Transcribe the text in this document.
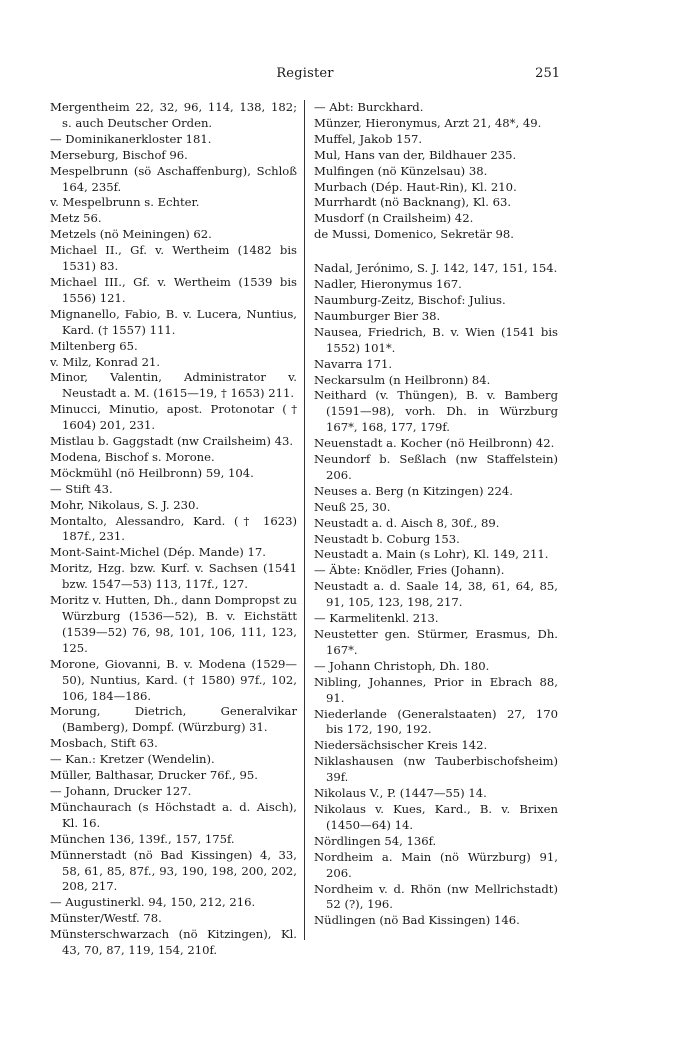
Register	251

Mergentheim 22, 32, 96, 114, 138, 182; s. auch Deutscher Orden.

— Dominikanerkloster 181.

Merseburg, Bischof 96.

Mespelbrunn (sö Aschaffenburg), Schloß 164, 235f.

v. Mespelbrunn s. Echter.

Metz 56.

Metzels (nö Meiningen) 62.

Michael II., Gf. v. Wertheim (1482 bis 1531) 83.

Michael III., Gf. v. Wertheim (1539 bis 1556) 121.

Mignanello, Fabio, B. v. Lucera, Nuntius, Kard. († 1557) 111.

Miltenberg 65.

v. Milz, Konrad 21.

Minor, Valentin, Administrator v. Neustadt a. M. (1615—19, † 1653) 211.

Minucci, Minutio, apost. Protonotar († 1604) 201, 231.

Mistlau b. Gaggstadt (nw Crailsheim) 43.

Modena, Bischof s. Morone.

Möckmühl (nö Heilbronn) 59, 104.

— Stift 43.

Mohr, Nikolaus, S. J. 230.

Montalto, Alessandro, Kard. († 1623) 187f., 231.

Mont-Saint-Michel (Dép. Mande) 17.

Moritz, Hzg. bzw. Kurf. v. Sachsen (1541 bzw. 1547—53) 113, 117f., 127.

Moritz v. Hutten, Dh., dann Dompropst zu Würzburg (1536—52), B. v. Eichstätt (1539—52) 76, 98, 101, 106, 111, 123, 125.

Morone, Giovanni, B. v. Modena (1529—50), Nuntius, Kard. († 1580) 97f., 102, 106, 184—186.

Morung, Dietrich, Generalvikar (Bamberg), Dompf. (Würzburg) 31.

Mosbach, Stift 63.

— Kan.: Kretzer (Wendelin).

Müller, Balthasar, Drucker 76f., 95.

— Johann, Drucker 127.

Münchaurach (s Höchstadt a. d. Aisch), Kl. 16.

München 136, 139f., 157, 175f.

Münnerstadt (nö Bad Kissingen) 4, 33, 58, 61, 85, 87f., 93, 190, 198, 200, 202, 208, 217.

— Augustinerkl. 94, 150, 212, 216.

Münster/Westf. 78.

Münsterschwarzach (nö Kitzingen), Kl. 43, 70, 87, 119, 154, 210f.

— Abt: Burckhard.

Münzer, Hieronymus, Arzt 21, 48*, 49.

Muffel, Jakob 157.

Mul, Hans van der, Bildhauer 235.

Mulfingen (nö Künzelsau) 38.

Murbach (Dép. Haut-Rin), Kl. 210.

Murrhardt (nö Backnang), Kl. 63.

Musdorf (n Crailsheim) 42.

de Mussi, Domenico, Sekretär 98.

Nadal, Jerónimo, S. J. 142, 147, 151, 154.

Nadler, Hieronymus 167.

Naumburg-Zeitz, Bischof: Julius.

Naumburger Bier 38.

Nausea, Friedrich, B. v. Wien (1541 bis 1552) 101*.

Navarra 171.

Neckarsulm (n Heilbronn) 84.

Neithard (v. Thüngen), B. v. Bamberg (1591—98), vorh. Dh. in Würzburg 167*, 168, 177, 179f.

Neuenstadt a. Kocher (nö Heilbronn) 42.

Neundorf b. Seßlach (nw Staffelstein) 206.

Neuses a. Berg (n Kitzingen) 224.

Neuß 25, 30.

Neustadt a. d. Aisch 8, 30f., 89.

Neustadt b. Coburg 153.

Neustadt a. Main (s Lohr), Kl. 149, 211.

— Äbte: Knödler, Fries (Johann).

Neustadt a. d. Saale 14, 38, 61, 64, 85, 91, 105, 123, 198, 217.

— Karmelitenkl. 213.

Neustetter gen. Stürmer, Erasmus, Dh. 167*.

— Johann Christoph, Dh. 180.

Nibling, Johannes, Prior in Ebrach 88, 91.

Niederlande (Generalstaaten) 27, 170 bis 172, 190, 192.

Niedersächsischer Kreis 142.

Niklashausen (nw Tauberbischofsheim) 39f.

Nikolaus V., P. (1447—55) 14.

Nikolaus v. Kues, Kard., B. v. Brixen (1450—64) 14.

Nördlingen 54, 136f.

Nordheim a. Main (nö Würzburg) 91, 206.

Nordheim v. d. Rhön (nw Mellrichstadt) 52 (?), 196.

Nüdlingen (nö Bad Kissingen) 146.
